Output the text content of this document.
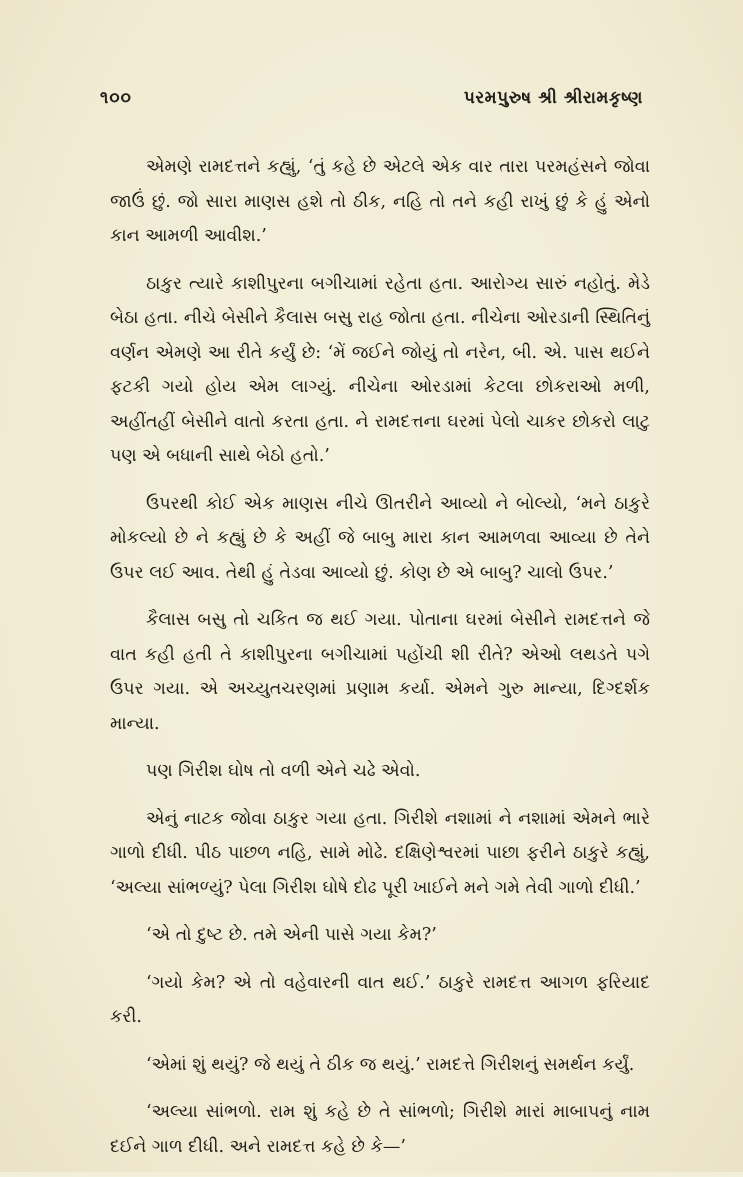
૧૦૦	પરમપુરુષ શ્રી શ્રીરામકૃષ્ણ

એમણે રામદત્તને કહ્યું, ‘તું કહે છે એટલે એક વાર તારા પરમહંસને જોવા જાઉં છું. જો સારા માણસ હશે તો ઠીક, નહિ તો તને કહી રાખું છું કે હું એનો કાન આમળી આવીશ.’

ઠાકુર ત્યારે કાશીપુરના બગીચામાં રહેતા હતા. આરોગ્ય સારું નહોતું. મેડે બેઠા હતા. નીચે બેસીને કૈલાસ બસુ રાહ જોતા હતા. નીચેના ઓરડાની સ્થિતિનું વર્ણન એમણે આ રીતે કર્યું છે: ‘મેં જઈને જોયું તો નરેન, બી. એ. પાસ થઈને ફટકી ગયો હોય એમ લાગ્યું. નીચેના ઓરડામાં કેટલા છોકરાઓ મળી, અહીંતહીં બેસીને વાતો કરતા હતા. ને રામદત્તના ઘરમાં પેલો ચાકર છોકરો લાટુ પણ એ બધાની સાથે બેઠો હતો.’

ઉપરથી કોઈ એક માણસ નીચે ઊતરીને આવ્યો ને બોલ્યો, ‘મને ઠાકુરે મોકલ્યો છે ને કહ્યું છે કે અહીં જે બાબુ મારા કાન આમળવા આવ્યા છે તેને ઉપર લઈ આવ. તેથી હું તેડવા આવ્યો છું. કોણ છે એ બાબુ? ચાલો ઉપર.’

કૈલાસ બસુ તો ચકિત જ થઈ ગયા. પોતાના ઘરમાં બેસીને રામદત્તને જે વાત કહી હતી તે કાશીપુરના બગીચામાં પહોંચી શી રીતે? એઓ લથડતે પગે ઉપર ગયા. એ અચ્યુતચરણમાં પ્રણામ કર્યા. એમને ગુરુ માન્યા, દિગ્દર્શક માન્યા.

પણ ગિરીશ ઘોષ તો વળી એને ચઢે એવો.

એનું નાટક જોવા ઠાકુર ગયા હતા. ગિરીશે નશામાં ને નશામાં એમને ભારે ગાળો દીધી. પીઠ પાછળ નહિ, સામે મોઢે. દક્ષિણેશ્વરમાં પાછા ફરીને ઠાકુરે કહ્યું, ‘અલ્યા સાંભળ્યું? પેલા ગિરીશ ઘોષે દોઢ પૂરી ખાઈને મને ગમે તેવી ગાળો દીધી.’

‘એ તો દુષ્ટ છે. તમે એની પાસે ગયા કેમ?’

‘ગયો કેમ? એ તો વહેવારની વાત થઈ.’ ઠાકુરે રામદત્ત આગળ ફરિયાદ કરી.

‘એમાં શું થયું? જે થયું તે ઠીક જ થયું.’ રામદત્તે ગિરીશનું સમર્થન કર્યું.

‘અલ્યા સાંભળો. રામ શું કહે છે તે સાંભળો; ગિરીશે મારાં માબાપનું નામ દઈને ગાળ દીધી. અને રામદત્ત કહે છે કે—’
